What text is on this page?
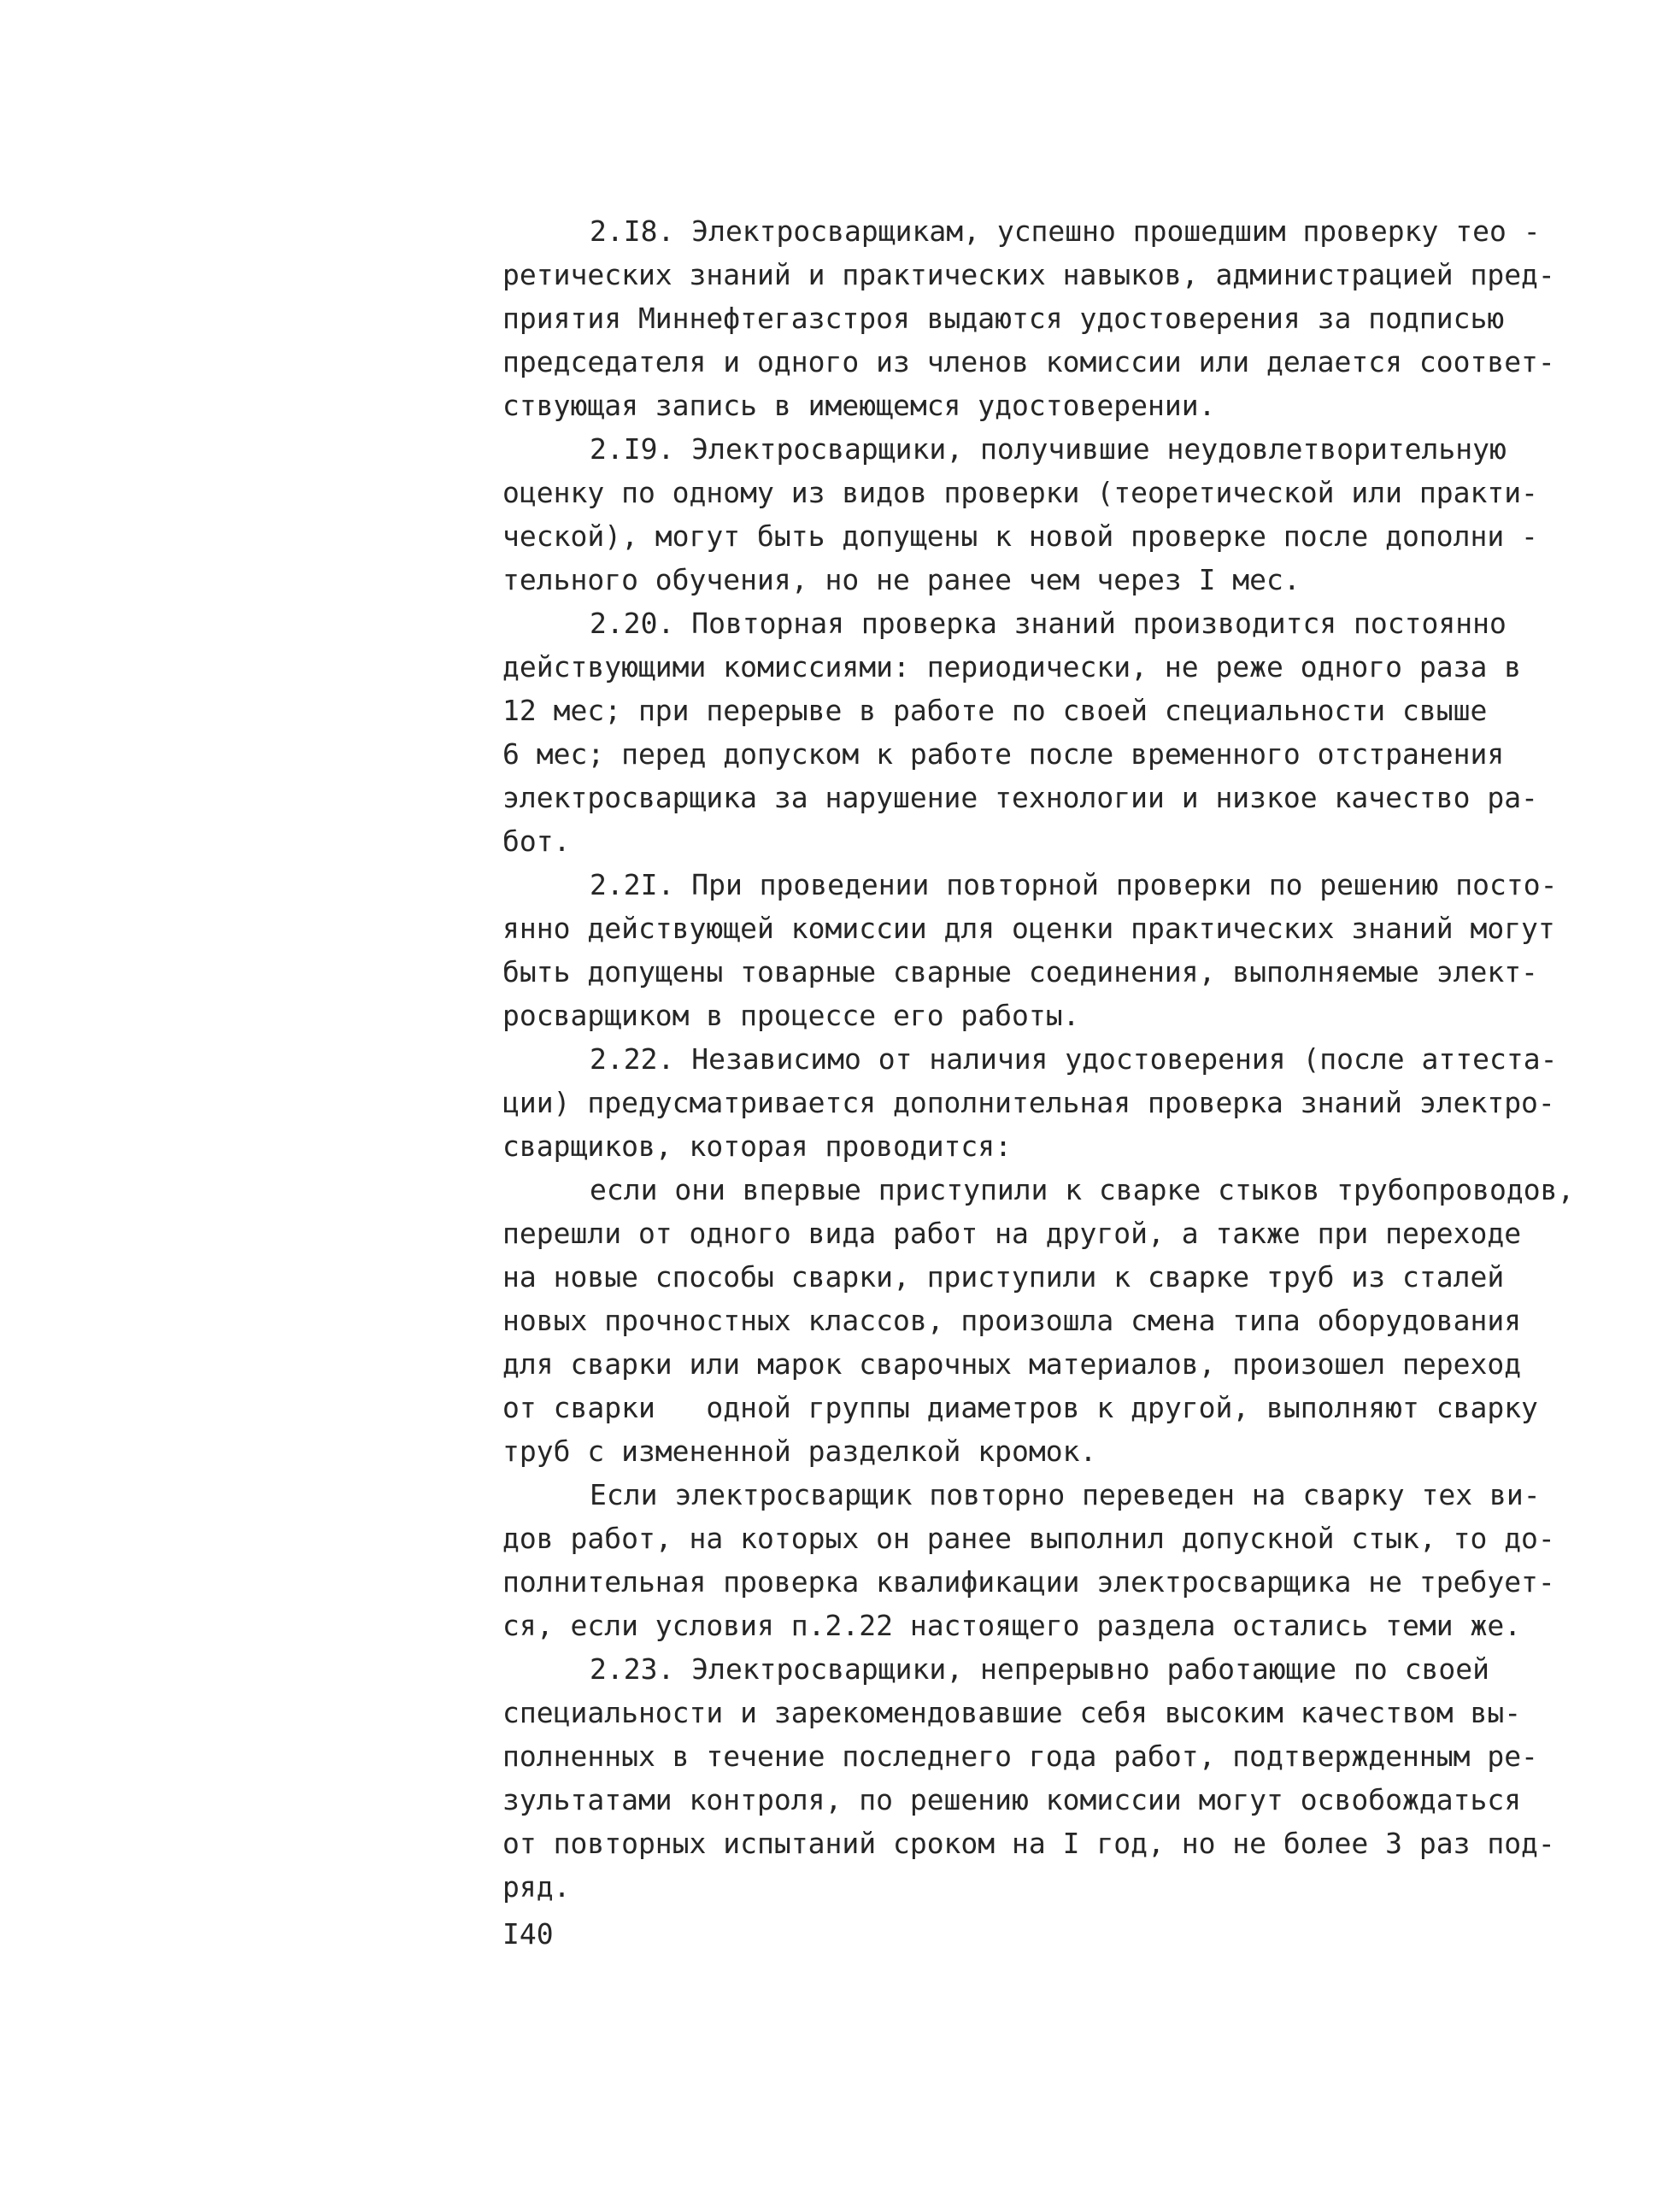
2.I8. Электросварщикам, успешно прошедшим проверку тео -
ретических знаний и практических навыков, администрацией пред-
приятия Миннефтегазстроя выдаются удостоверения за подписью
председателя и одного из членов комиссии или делается соответ-
ствующая запись в имеющемся удостоверении.
2.I9. Электросварщики, получившие неудовлетворительную
оценку по одному из видов проверки (теоретической или практи-
ческой), могут быть допущены к новой проверке после дополни -
тельного обучения, но не ранее чем через I мес.
2.20. Повторная проверка знаний производится постоянно
действующими комиссиями: периодически, не реже одного раза в
12 мес; при перерыве в работе по своей специальности свыше
6 мес; перед допуском к работе после временного отстранения
электросварщика за нарушение технологии и низкое качество ра-
бот.
2.2I. При проведении повторной проверки по решению посто-
янно действующей комиссии для оценки практических знаний могут
быть допущены товарные сварные соединения, выполняемые элект-
росварщиком в процессе его работы.
2.22. Независимо от наличия удостоверения (после аттеста-
ции) предусматривается дополнительная проверка знаний электро-
сварщиков, которая проводится:
если они впервые приступили к сварке стыков трубопроводов,
перешли от одного вида работ на другой, а также при переходе
на новые способы сварки, приступили к сварке труб из сталей
новых прочностных классов, произошла смена типа оборудования
для сварки или марок сварочных материалов, произошел переход
от сварки   одной группы диаметров к другой, выполняют сварку
труб с измененной разделкой кромок.
Если электросварщик повторно переведен на сварку тех ви-
дов работ, на которых он ранее выполнил допускной стык, то до-
полнительная проверка квалификации электросварщика не требует-
ся, если условия п.2.22 настоящего раздела остались теми же.
2.23. Электросварщики, непрерывно работающие по своей
специальности и зарекомендовавшие себя высоким качеством вы-
полненных в течение последнего года работ, подтвержденным ре-
зультатами контроля, по решению комиссии могут освобождаться
от повторных испытаний сроком на I год, но не более 3 раз под-
ряд.
I40
